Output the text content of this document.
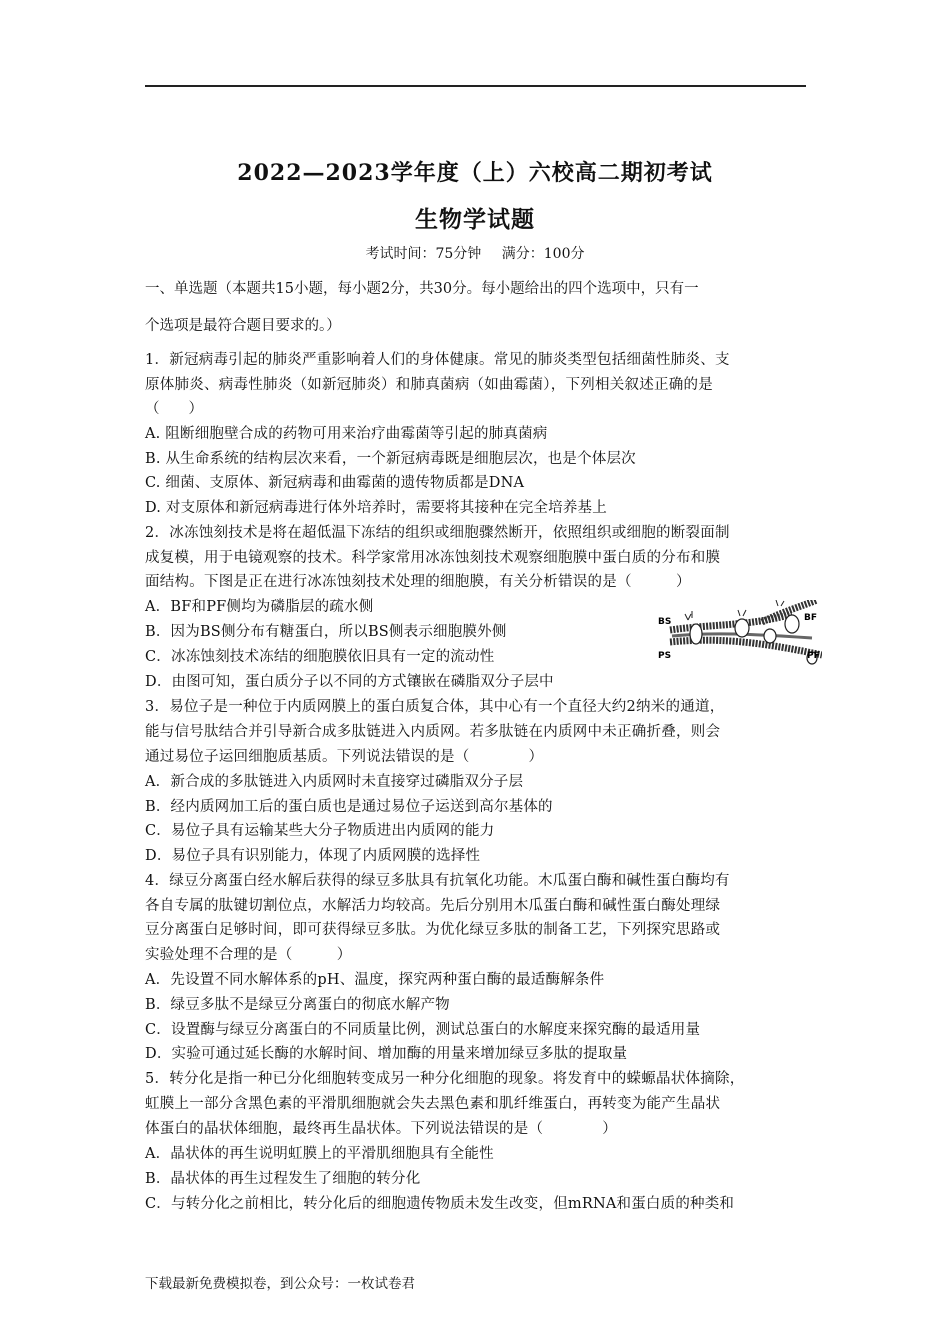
2022—2023学年度（上）六校高二期初考试
生物学试题
考试时间：75分钟 满分：100分
一、单选题（本题共15小题，每小题2分，共30分。每小题给出的四个选项中，只有一
个选项是最符合题目要求的。）
1．新冠病毒引起的肺炎严重影响着人们的身体健康。常见的肺炎类型包括细菌性肺炎、支
原体肺炎、病毒性肺炎（如新冠肺炎）和肺真菌病（如曲霉菌），下列相关叙述正确的是
（　　）
A. 阻断细胞壁合成的药物可用来治疗曲霉菌等引起的肺真菌病
B. 从生命系统的结构层次来看，一个新冠病毒既是细胞层次，也是个体层次
C. 细菌、支原体、新冠病毒和曲霉菌的遗传物质都是DNA
D. 对支原体和新冠病毒进行体外培养时，需要将其接种在完全培养基上
2．冰冻蚀刻技术是将在超低温下冻结的组织或细胞骤然断开，依照组织或细胞的断裂面制
成复模，用于电镜观察的技术。科学家常用冰冻蚀刻技术观察细胞膜中蛋白质的分布和膜
面结构。下图是正在进行冰冻蚀刻技术处理的细胞膜，有关分析错误的是（　　　）
A．BF和PF侧均为磷脂层的疏水侧
B．因为BS侧分布有糖蛋白，所以BS侧表示细胞膜外侧
C．冰冻蚀刻技术冻结的细胞膜依旧具有一定的流动性
D．由图可知，蛋白质分子以不同的方式镶嵌在磷脂双分子层中
BS
PS
BF
PF
3．易位子是一种位于内质网膜上的蛋白质复合体，其中心有一个直径大约2纳米的通道，
能与信号肽结合并引导新合成多肽链进入内质网。若多肽链在内质网中未正确折叠，则会
通过易位子运回细胞质基质。下列说法错误的是（　　　　）
A．新合成的多肽链进入内质网时未直接穿过磷脂双分子层
B．经内质网加工后的蛋白质也是通过易位子运送到高尔基体的
C．易位子具有运输某些大分子物质进出内质网的能力
D．易位子具有识别能力，体现了内质网膜的选择性
4．绿豆分离蛋白经水解后获得的绿豆多肽具有抗氧化功能。木瓜蛋白酶和碱性蛋白酶均有
各自专属的肽键切割位点，水解活力均较高。先后分别用木瓜蛋白酶和碱性蛋白酶处理绿
豆分离蛋白足够时间，即可获得绿豆多肽。为优化绿豆多肽的制备工艺，下列探究思路或
实验处理不合理的是（　　　）
A．先设置不同水解体系的pH、温度，探究两种蛋白酶的最适酶解条件
B．绿豆多肽不是绿豆分离蛋白的彻底水解产物
C．设置酶与绿豆分离蛋白的不同质量比例，测试总蛋白的水解度来探究酶的最适用量
D．实验可通过延长酶的水解时间、增加酶的用量来增加绿豆多肽的提取量
5．转分化是指一种已分化细胞转变成另一种分化细胞的现象。将发育中的蝾螈晶状体摘除，
虹膜上一部分含黑色素的平滑肌细胞就会失去黑色素和肌纤维蛋白，再转变为能产生晶状
体蛋白的晶状体细胞，最终再生晶状体。下列说法错误的是（　　　　）
A．晶状体的再生说明虹膜上的平滑肌细胞具有全能性
B．晶状体的再生过程发生了细胞的转分化
C．与转分化之前相比，转分化后的细胞遗传物质未发生改变，但mRNA和蛋白质的种类和
下载最新免费模拟卷，到公众号：一枚试卷君
